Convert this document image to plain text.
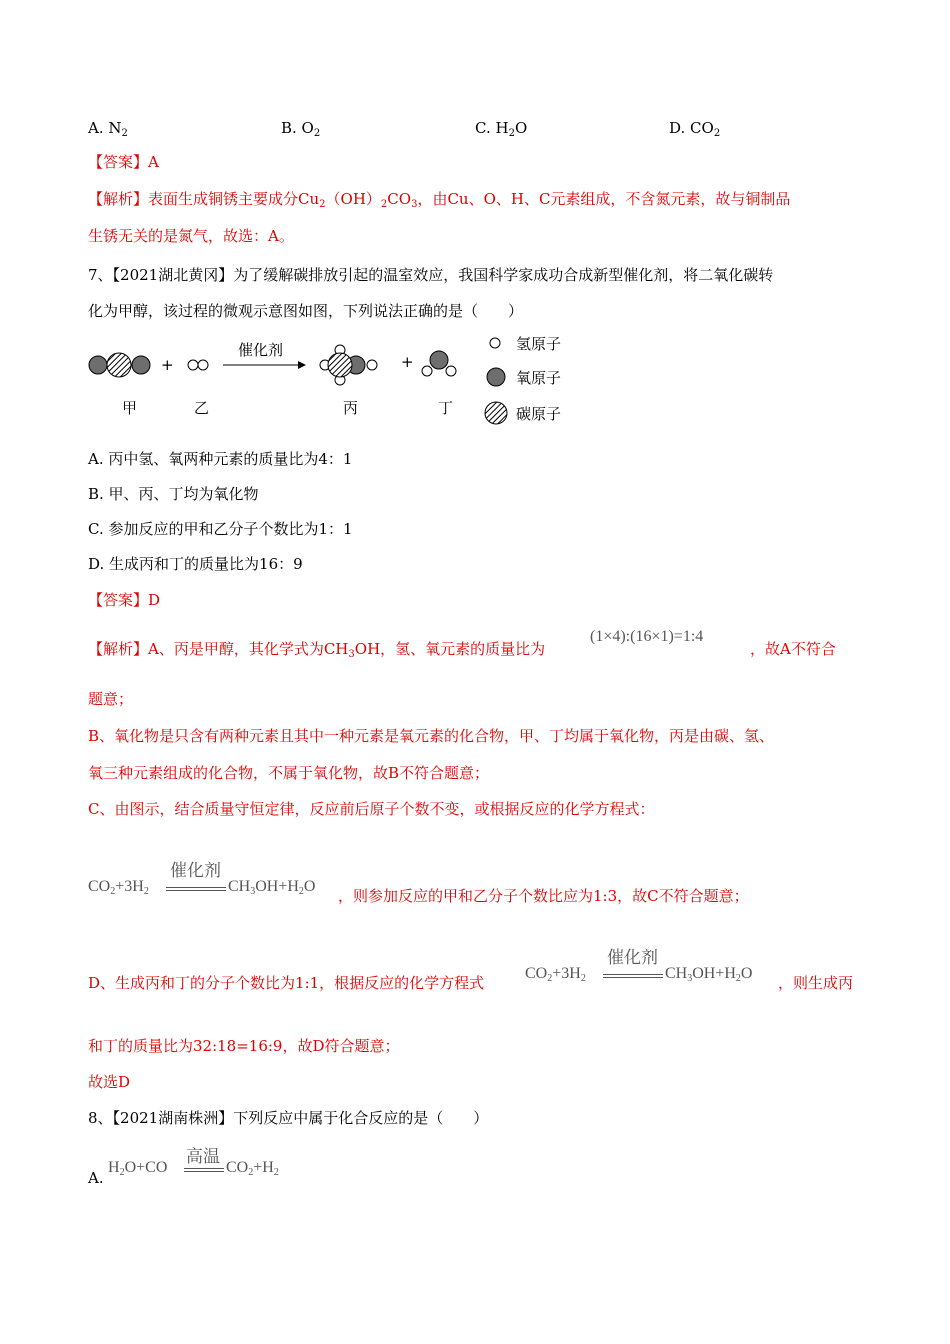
A. $N_2$	B. $O_2$	C. $H_2O$	D. $CO_2$
【答案】A
【解析】表面生成铜锈主要成分$Cu_2(OH)_2CO_3$，由Cu、O、H、C元素组成，不含氮元素，故与铜制品
生锈无关的是氮气，故选：A。
7、【2021湖北黄冈】为了缓解碳排放引起的温室效应，我国科学家成功合成新型催化剂，将二氧化碳转
化为甲醇，该过程的微观示意图如图，下列说法正确的是（　　）
+
催化剂
+
甲	乙	丙	丁
氢原子
氧原子
碳原子
A. 丙中氢、氧两种元素的质量比为4：1
B. 甲、丙、丁均为氧化物
C. 参加反应的甲和乙分子个数比为1：1
D. 生成丙和丁的质量比为16：9
【答案】D
【解析】A、丙是甲醇，其化学式为$CH_3OH$，氢、氧元素的质量比为
(1×4):(16×1)=1:4
，故A不符合
题意；
B、氧化物是只含有两种元素且其中一种元素是氧元素的化合物，甲、丁均属于氧化物，丙是由碳、氢、
氧三种元素组成的化合物，不属于氧化物，故B不符合题意；
C、由图示，结合质量守恒定律，反应前后原子个数不变，或根据反应的化学方程式：
催化剂
$CO_2+3H_2$	$CH_3OH+H_2O$
，则参加反应的甲和乙分子个数比应为1:3，故C不符合题意；
D、生成丙和丁的分子个数比为1:1，根据反应的化学方程式
催化剂
$CO_2+3H_2$	$CH_3OH+H_2O$
，则生成丙
和丁的质量比为32:18=16:9，故D符合题意；
故选D
8、【2021湖南株洲】下列反应中属于化合反应的是（　　）
A.
高温
$H_2O+CO$	$CO_2+H_2$
